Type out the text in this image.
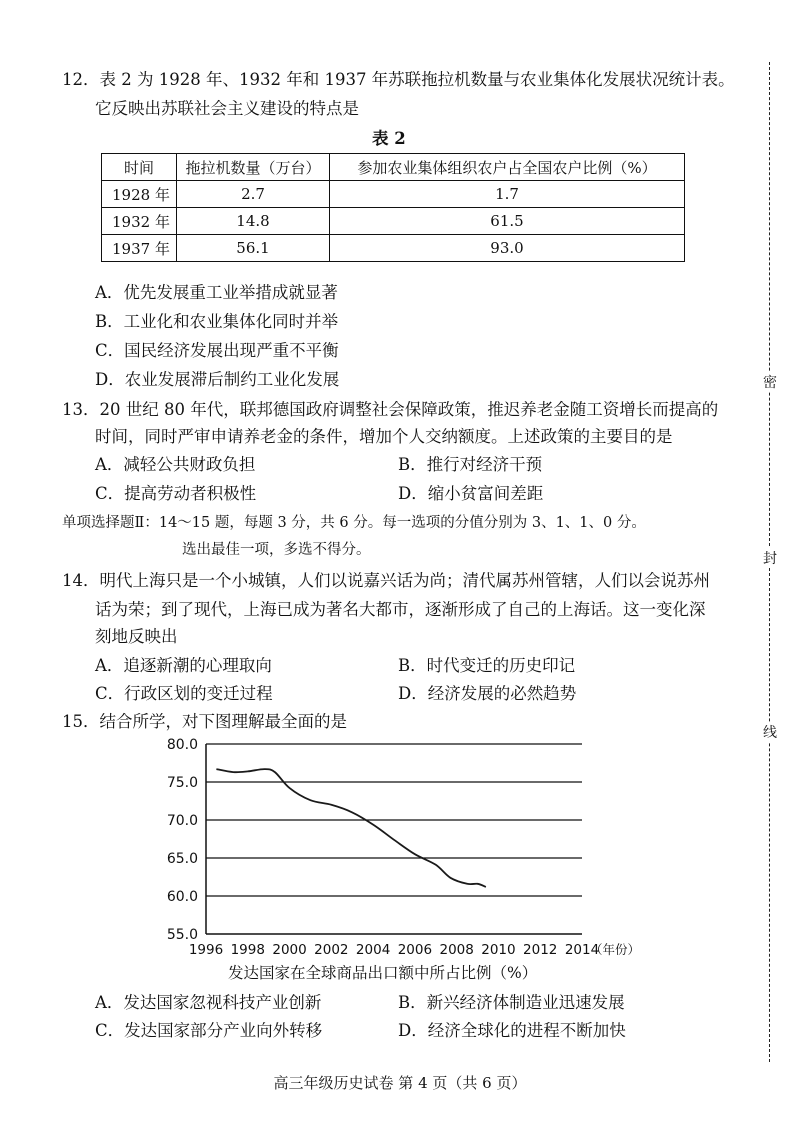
密
封
线
12．表 2 为 1928 年、1932 年和 1937 年苏联拖拉机数量与农业集体化发展状况统计表。
它反映出苏联社会主义建设的特点是
表 2
时间	拖拉机数量（万台）	参加农业集体组织农户占全国农户比例（%）
1928 年	2.7	1.7
1932 年	14.8	61.5
1937 年	56.1	93.0
A．优先发展重工业举措成就显著
B．工业化和农业集体化同时并举
C．国民经济发展出现严重不平衡
D．农业发展滞后制约工业化发展
13．20 世纪 80 年代，联邦德国政府调整社会保障政策，推迟养老金随工资增长而提高的
时间，同时严审申请养老金的条件，增加个人交纳额度。上述政策的主要目的是
A．减轻公共财政负担	B．推行对经济干预
C．提高劳动者积极性	D．缩小贫富间差距
单项选择题Ⅱ：14～15 题，每题 3 分，共 6 分。每一选项的分值分别为 3、1、1、0 分。
选出最佳一项，多选不得分。
14．明代上海只是一个小城镇，人们以说嘉兴话为尚；清代属苏州管辖，人们以会说苏州
话为荣；到了现代，上海已成为著名大都市，逐渐形成了自己的上海话。这一变化深
刻地反映出
A．追逐新潮的心理取向	B．时代变迁的历史印记
C．行政区划的变迁过程	D．经济发展的必然趋势
15．结合所学，对下图理解最全面的是
55.0
60.0
65.0
70.0
75.0
80.0
1996 1998 2000 2002 2004 2006 2008 2010 2012 2014
（年份）
发达国家在全球商品出口额中所占比例（%）
A．发达国家忽视科技产业创新	B．新兴经济体制造业迅速发展
C．发达国家部分产业向外转移	D．经济全球化的进程不断加快
高三年级历史试卷 第 4 页（共 6 页）
